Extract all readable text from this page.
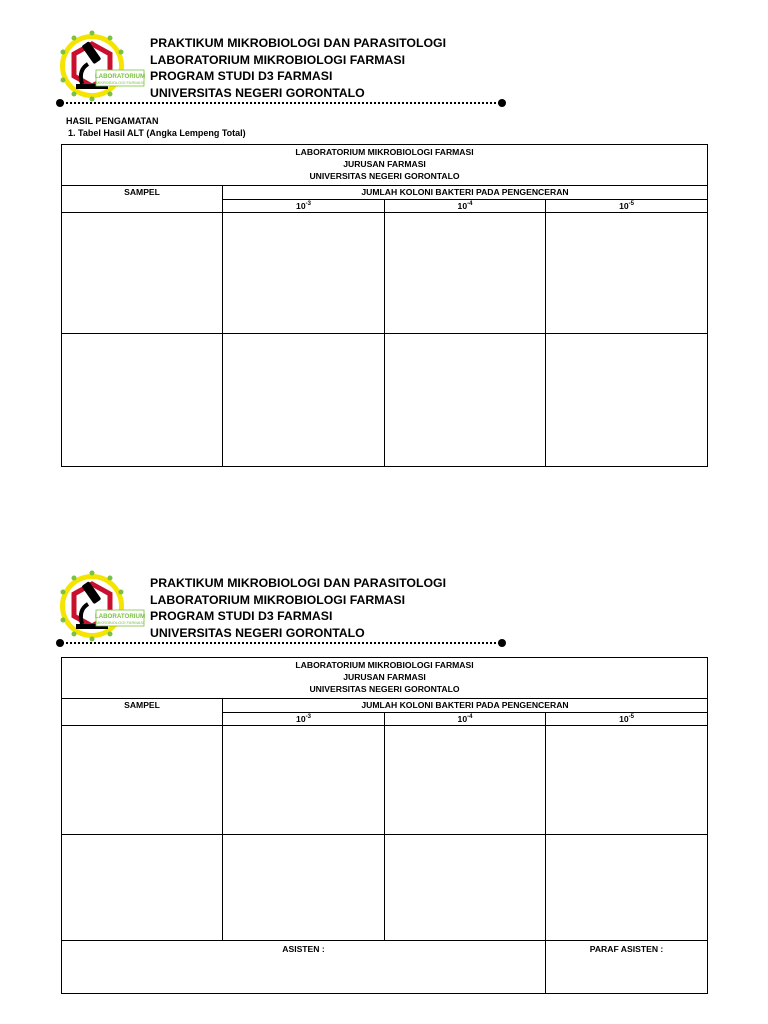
LABORATORIUM
MIKROBIOLOGI FARMASI
PRAKTIKUM MIKROBIOLOGI DAN PARASITOLOGI
LABORATORIUM MIKROBIOLOGI FARMASI
PROGRAM STUDI D3 FARMASI
UNIVERSITAS NEGERI GORONTALO
HASIL PENGAMATAN
1. Tabel Hasil ALT (Angka Lempeng Total)
LABORATORIUM MIKROBIOLOGI FARMASI
JURUSAN FARMASI
UNIVERSITAS NEGERI GORONTALO			

SAMPEL	JUMLAH KOLONI BAKTERI PADA PENGENCERAN		
	$10^{-3}$	$10^{-4}$	$10^{-5}$

LABORATORIUM
MIKROBIOLOGI FARMASI
PRAKTIKUM MIKROBIOLOGI DAN PARASITOLOGI
LABORATORIUM MIKROBIOLOGI FARMASI
PROGRAM STUDI D3 FARMASI
UNIVERSITAS NEGERI GORONTALO
LABORATORIUM MIKROBIOLOGI FARMASI
JURUSAN FARMASI
UNIVERSITAS NEGERI GORONTALO			

SAMPEL	JUMLAH KOLONI BAKTERI PADA PENGENCERAN		
	$10^{-3}$	$10^{-4}$	$10^{-5}$

ASISTEN :			PARAF ASISTEN :
